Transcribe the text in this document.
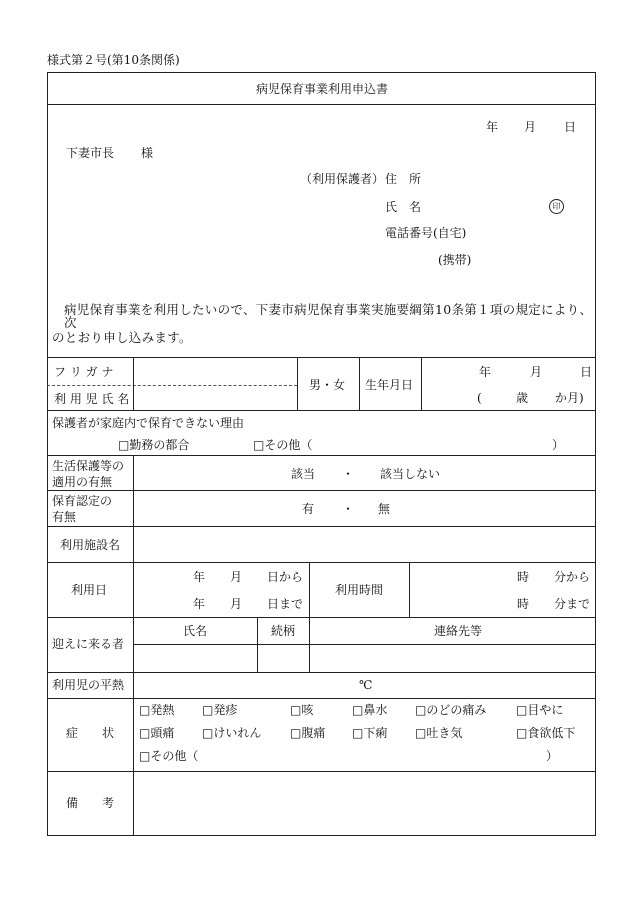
様式第２号(第10条関係)
病児保育事業利用申込書
年 月 日
下妻市長 様
（利用保護者） 住　所
氏　名	印
電話番号(自宅)
(携帯)
病児保育事業を利用したいので、下妻市病児保育事業実施要綱第10条第１項の規定により、次
のとおり申し込みます。
フ リ ガ ナ
利 用 児 氏 名
男・女 生年月日
年	月	日
(	歳 か月)
保護者が家庭内で保育できない理由
□勤務の都合	□その他（	）
生活保護等の
適用の有無
該当 ・ 該当しない
保育認定の
有無
有 ・ 無
利用施設名
利用日
年 月 日から
年 月 日まで
利用時間
時 分から
時 分まで
迎えに来る者
氏名	続柄	連絡先等
利用児の平熱	℃
症　　状
□発熱 □発疹	□咳	□鼻水 □のどの痛み □目やに
□頭痛 □けいれん □腹痛 □下痢 □吐き気	□食欲低下
□その他（	）
備　　考
